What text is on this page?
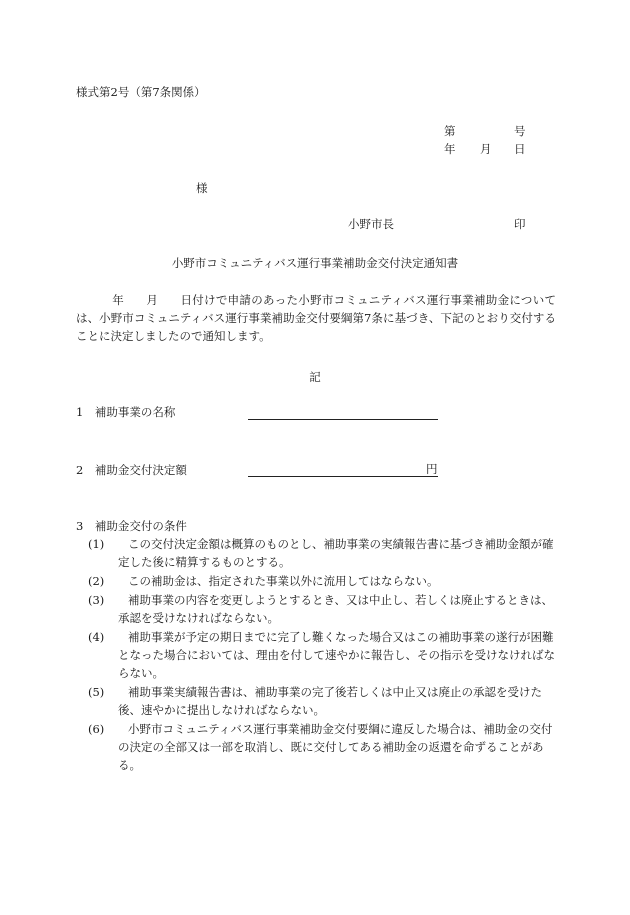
様式第2号（第7条関係）
第	号
年 月 日
様
小野市長	印
小野市コミュニティバス運行事業補助金交付決定通知書
年 月 日付けで申請のあった小野市コミュニティバス運行事業補助金については、小野市コミュニティバス運行事業補助金交付要綱第7条に基づき、下記のとおり交付することに決定しましたので通知します。
記
1　補助事業の名称
2　補助金交付決定額	円
3　補助金交付の条件
(1)	この交付決定金額は概算のものとし、補助事業の実績報告書に基づき補助金額が確定した後に精算するものとする。
(2)	この補助金は、指定された事業以外に流用してはならない。
(3)	補助事業の内容を変更しようとするとき、又は中止し、若しくは廃止するときは、承認を受けなければならない。
(4)	補助事業が予定の期日までに完了し難くなった場合又はこの補助事業の遂行が困難となった場合においては、理由を付して速やかに報告し、その指示を受けなければならない。
(5)	補助事業実績報告書は、補助事業の完了後若しくは中止又は廃止の承認を受けた後、速やかに提出しなければならない。
(6)	小野市コミュニティバス運行事業補助金交付要綱に違反した場合は、補助金の交付の決定の全部又は一部を取消し、既に交付してある補助金の返還を命ずることがある。
